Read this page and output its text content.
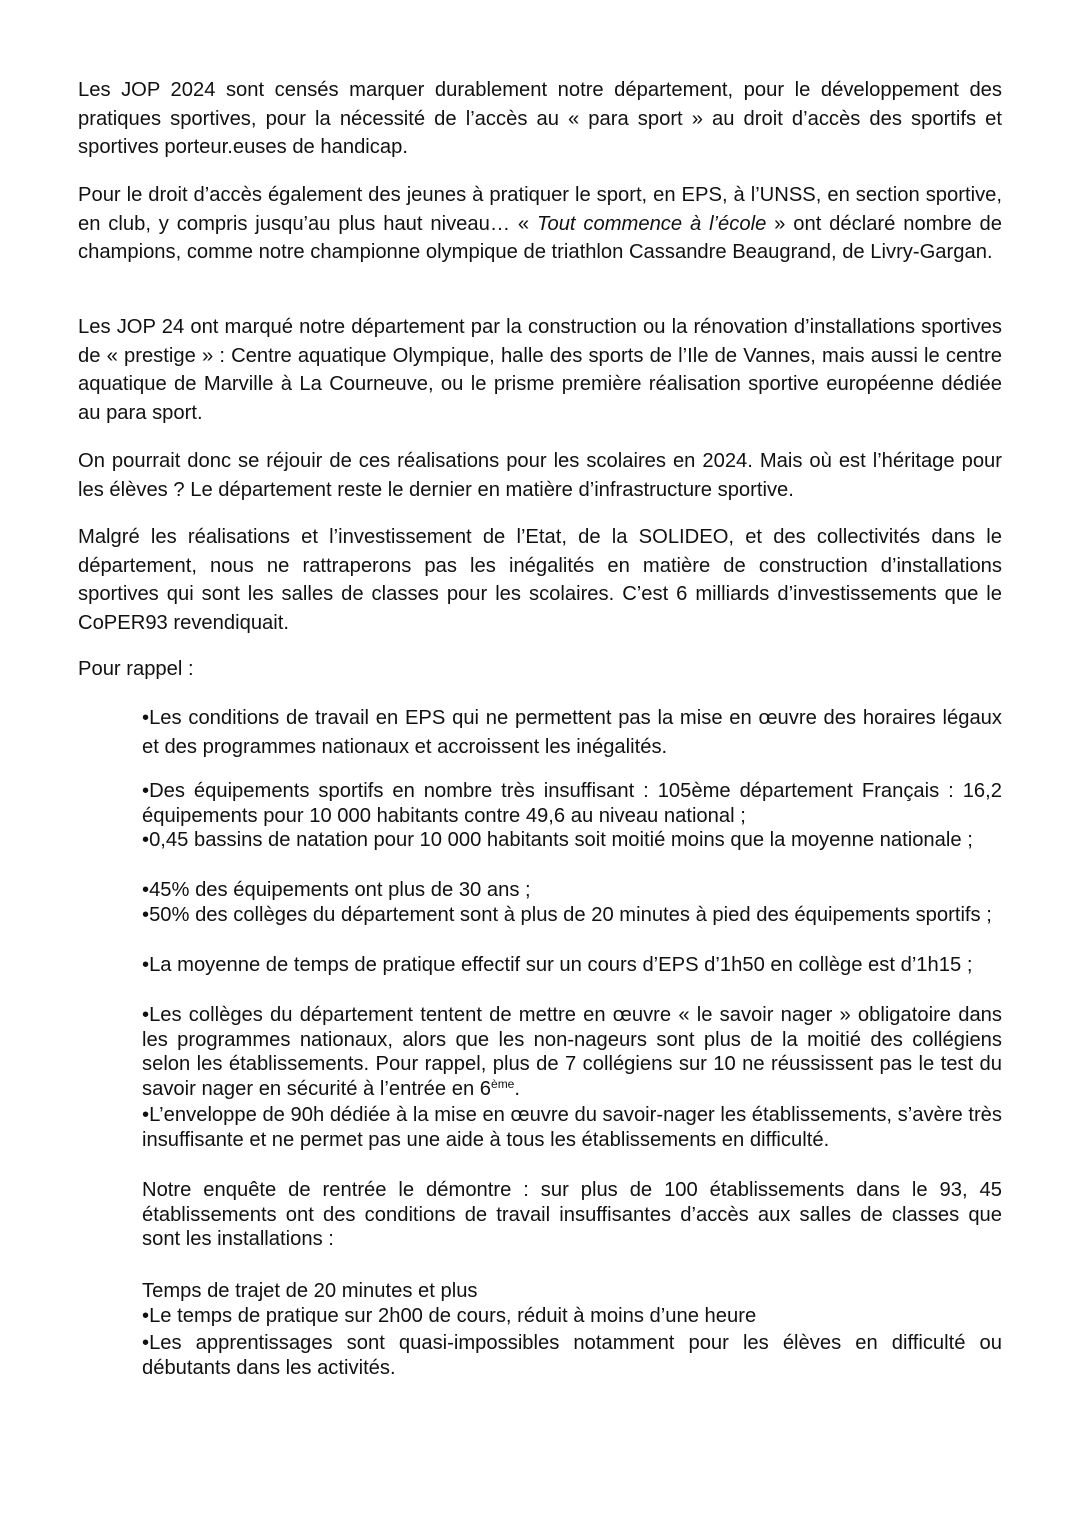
Les JOP 2024 sont censés marquer durablement notre département, pour le développement des pratiques sportives, pour la nécessité de l’accès au « para sport » au droit d’accès des sportifs et sportives porteur.euses de handicap.

Pour le droit d’accès également des jeunes à pratiquer le sport, en EPS, à l’UNSS, en section sportive, en club, y compris jusqu’au plus haut niveau… « Tout commence à l’école » ont déclaré nombre de champions, comme notre championne olympique de triathlon Cassandre Beaugrand, de Livry-Gargan.

Les JOP 24 ont marqué notre département par la construction ou la rénovation d’installations sportives de « prestige » : Centre aquatique Olympique, halle des sports de l’Ile de Vannes, mais aussi le centre aquatique de Marville à La Courneuve, ou le prisme première réalisation sportive européenne dédiée au para sport.

On pourrait donc se réjouir de ces réalisations pour les scolaires en 2024. Mais où est l’héritage pour les élèves ? Le département reste le dernier en matière d’infrastructure sportive.

Malgré les réalisations et l’investissement de l’Etat, de la SOLIDEO, et des collectivités dans le département, nous ne rattraperons pas les inégalités en matière de construction d’installations sportives qui sont les salles de classes pour les scolaires. C’est 6 milliards d’investissements que le CoPER93 revendiquait.

Pour rappel :

•Les conditions de travail en EPS qui ne permettent pas la mise en œuvre des horaires légaux et des programmes nationaux et accroissent les inégalités.

•Des équipements sportifs en nombre très insuffisant : 105ème département Français : 16,2 équipements pour 10 000 habitants contre 49,6 au niveau national ;

•0,45 bassins de natation pour 10 000 habitants soit moitié moins que la moyenne nationale ;

•45% des équipements ont plus de 30 ans ;

•50% des collèges du département sont à plus de 20 minutes à pied des équipements sportifs ;

•La moyenne de temps de pratique effectif sur un cours d’EPS d’1h50 en collège est d’1h15 ;

•Les collèges du département tentent de mettre en œuvre « le savoir nager » obligatoire dans les programmes nationaux, alors que les non-nageurs sont plus de la moitié des collégiens selon les établissements. Pour rappel, plus de 7 collégiens sur 10 ne réussissent pas le test du savoir nager en sécurité à l’entrée en 6ème.

•L’enveloppe de 90h dédiée à la mise en œuvre du savoir-nager les établissements, s’avère très insuffisante et ne permet pas une aide à tous les établissements en difficulté.

Notre enquête de rentrée le démontre : sur plus de 100 établissements dans le 93, 45 établissements ont des conditions de travail insuffisantes d’accès aux salles de classes que sont les installations :

Temps de trajet de 20 minutes et plus

•Le temps de pratique sur 2h00 de cours, réduit à moins d’une heure

•Les apprentissages sont quasi-impossibles notamment pour les élèves en difficulté ou débutants dans les activités.
